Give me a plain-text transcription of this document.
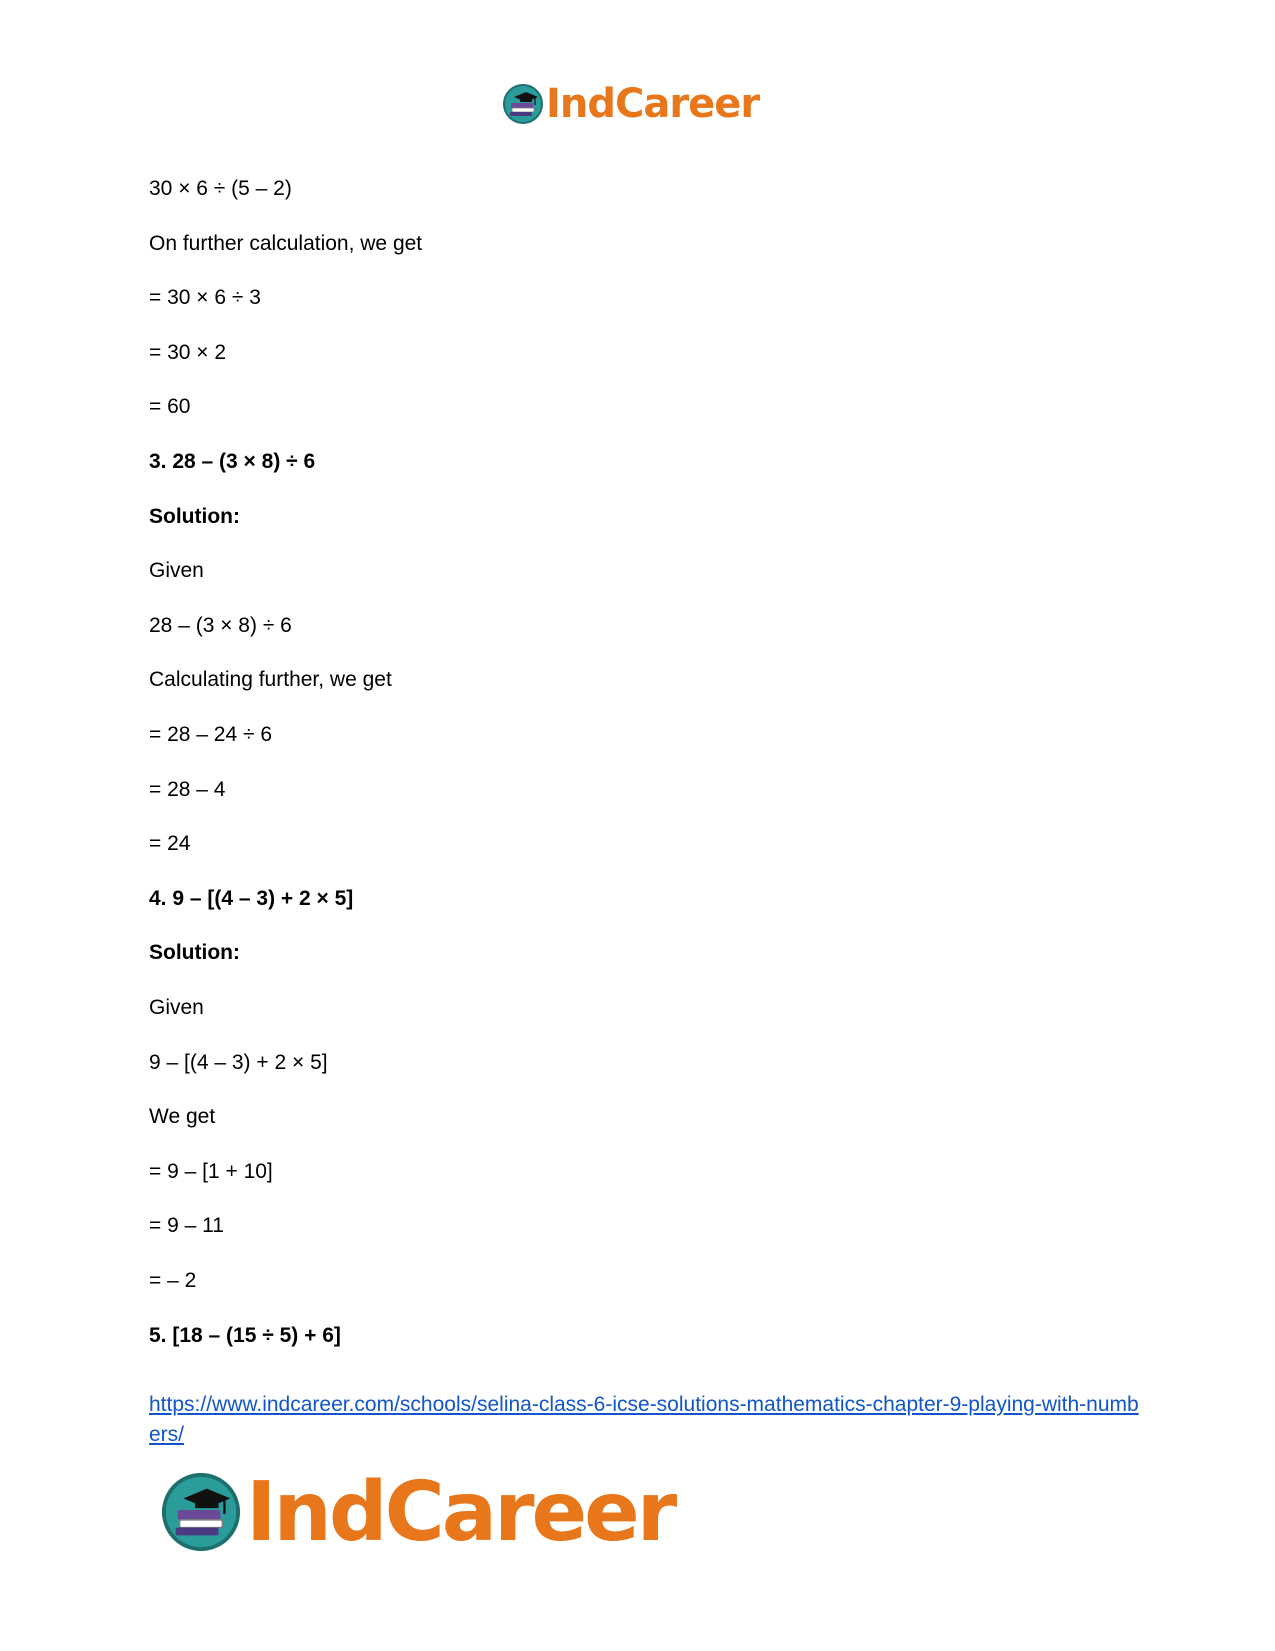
IndCareer
30 × 6 ÷ (5 – 2)
On further calculation, we get
= 30 × 6 ÷ 3
= 30 × 2
= 60
3. 28 – (3 × 8) ÷ 6
Solution:
Given
28 – (3 × 8) ÷ 6
Calculating further, we get
= 28 – 24 ÷ 6
= 28 – 4
= 24
4. 9 – [(4 – 3) + 2 × 5]
Solution:
Given
9 – [(4 – 3) + 2 × 5]
We get
= 9 – [1 + 10]
= 9 – 11
= – 2
5. [18 – (15 ÷ 5) + 6]
https://www.indcareer.com/schools/selina-class-6-icse-solutions-mathematics-chapter-9-playing-with-numbers/
IndCareer
